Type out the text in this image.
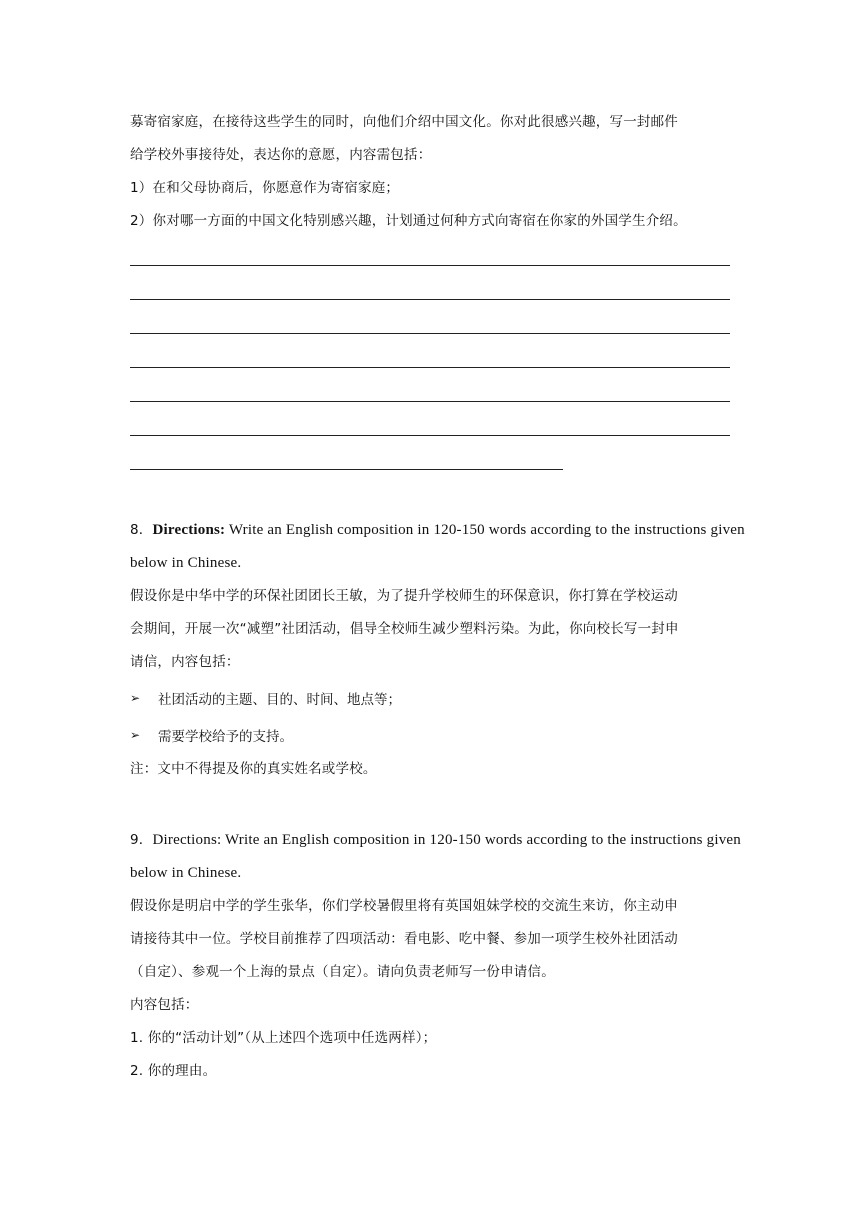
募寄宿家庭，在接待这些学生的同时，向他们介绍中国文化。你对此很感兴趣，写一封邮件
给学校外事接待处，表达你的意愿，内容需包括：
1）在和父母协商后，你愿意作为寄宿家庭；
2）你对哪一方面的中国文化特别感兴趣，计划通过何种方式向寄宿在你家的外国学生介绍。
8．Directions: Write an English composition in 120-150 words according to the instructions given
below in Chinese.
假设你是中华中学的环保社团团长王敏，为了提升学校师生的环保意识，你打算在学校运动
会期间，开展一次“减塑”社团活动，倡导全校师生减少塑料污染。为此，你向校长写一封申
请信，内容包括：
➢	社团活动的主题、目的、时间、地点等；
➢	需要学校给予的支持。
注：文中不得提及你的真实姓名或学校。
9．Directions: Write an English composition in 120-150 words according to the instructions given
below in Chinese.
假设你是明启中学的学生张华，你们学校暑假里将有英国姐妹学校的交流生来访，你主动申
请接待其中一位。学校目前推荐了四项活动：看电影、吃中餐、参加一项学生校外社团活动
（自定）、参观一个上海的景点（自定）。请向负责老师写一份申请信。
内容包括：
1. 你的“活动计划”（从上述四个选项中任选两样）；
2. 你的理由。
